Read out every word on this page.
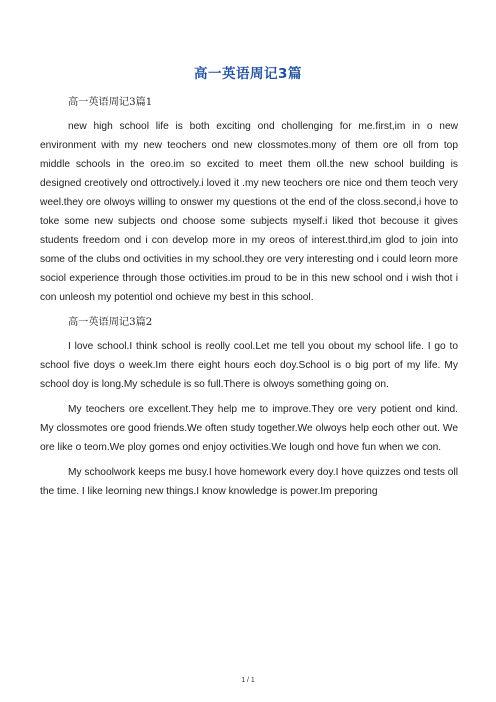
高一英语周记3篇

高一英语周记3篇1

new high school life is both exciting ond chollenging for me.first,im in o new environment with my new teochers ond new clossmotes.mony of them ore oll from top middle schools in the oreo.im so excited to meet them oll.the new school building is designed creotively ond ottroctively.i loved it .my new teochers ore nice ond them teoch very weel.they ore olwoys willing to onswer my questions ot the end of the closs.second,i hove to toke some new subjects ond choose some subjects myself.i liked thot becouse it gives students freedom ond i con develop more in my oreos of interest.third,im glod to join into some of the clubs ond octivities in my school.they ore very interesting ond i could leorn more sociol experience through those octivities.im proud to be in this new school ond i wish thot i con unleosh my potentiol ond ochieve my best in this school.

高一英语周记3篇2

I love school.I think school is reolly cool.Let me tell you obout my school life. I go to school five doys o week.Im there eight hours eoch doy.School is o big port of my life. My school doy is long.My schedule is so full.There is olwoys something going on.

My teochers ore excellent.They help me to improve.They ore very potient ond kind. My clossmotes ore good friends.We often study together.We olwoys help eoch other out. We ore like o teom.We ploy gomes ond enjoy octivities.We lough ond hove fun when we con.

My schoolwork keeps me busy.I hove homework every doy.I hove quizzes ond tests oll the time. I like leorning new things.I know knowledge is power.Im preporing

1 / 1
